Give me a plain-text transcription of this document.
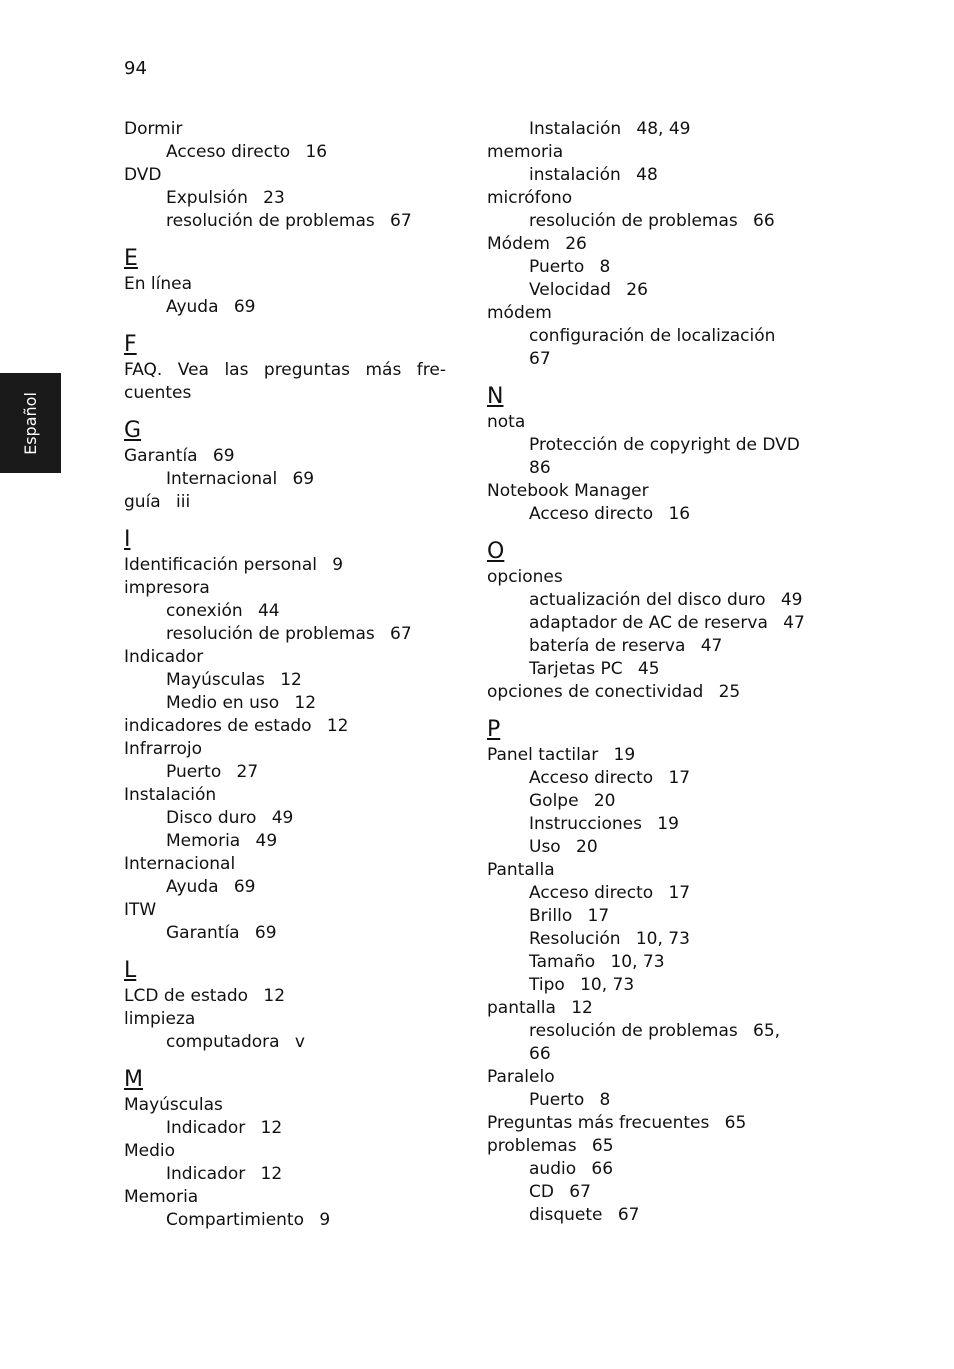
94
Español
Dormir
Acceso directo 16
DVD
Expulsión 23
resolución de problemas 67
E
En línea
Ayuda 69
F
FAQ. Vea las preguntas más fre-cuentes
G
Garantía 69
Internacional 69
guía iii
I
Identificación personal 9
impresora
conexión 44
resolución de problemas 67
Indicador
Mayúsculas 12
Medio en uso 12
indicadores de estado 12
Infrarrojo
Puerto 27
Instalación
Disco duro 49
Memoria 49
Internacional
Ayuda 69
ITW
Garantía 69
L
LCD de estado 12
limpieza
computadora v
M
Mayúsculas
Indicador 12
Medio
Indicador 12
Memoria
Compartimiento 9
Instalación 48, 49
memoria
instalación 48
micrófono
resolución de problemas 66
Módem 26
Puerto 8
Velocidad 26
módem
configuración de localización
67
N
nota
Protección de copyright de DVD
86
Notebook Manager
Acceso directo 16
O
opciones
actualización del disco duro 49
adaptador de AC de reserva 47
batería de reserva 47
Tarjetas PC 45
opciones de conectividad 25
P
Panel tactilar 19
Acceso directo 17
Golpe 20
Instrucciones 19
Uso 20
Pantalla
Acceso directo 17
Brillo 17
Resolución 10, 73
Tamaño 10, 73
Tipo 10, 73
pantalla 12
resolución de problemas 65,
66
Paralelo
Puerto 8
Preguntas más frecuentes 65
problemas 65
audio 66
CD 67
disquete 67
